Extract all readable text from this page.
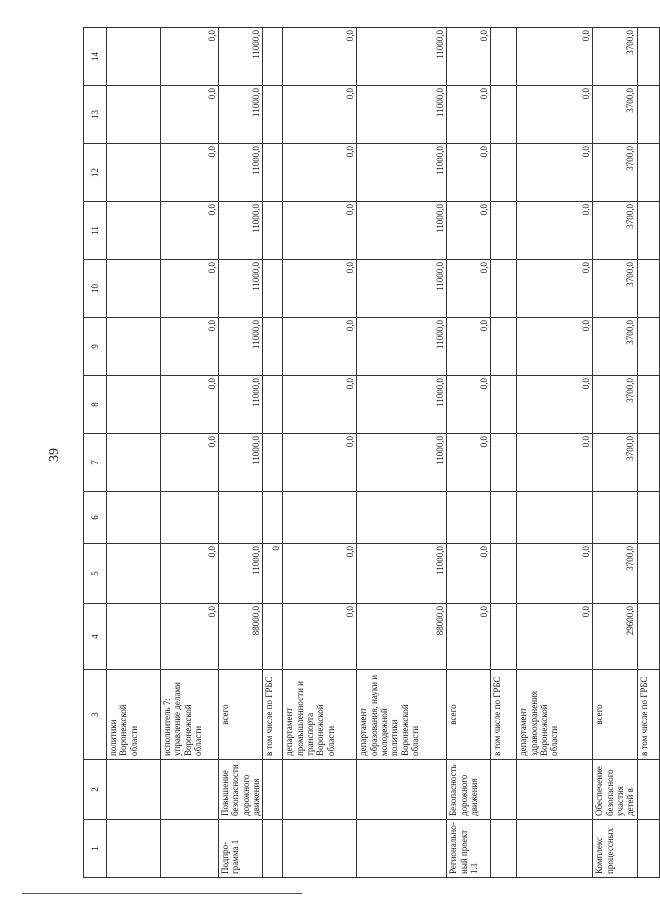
39
1	2	3	4	5	6	7	8	9	10	11	12	13	14
		политики Воронежской области											
		исполнитель 7: управление делами Воронежской области	0,0	0,0		0,0	0,0	0,0	0,0	0,0	0,0	0,0	0,0
Подпро-грамма 1	Повышение безопасности дорожного движения	всего	88000,0	11000,0		11000,0	11000,0	11000,0	11000,0	11000,0	11000,0	11000,0	11000,0
		в том числе по ГРБС		0									
		департамент промышленности и транспорта Воронежской области	0,0	0,0		0,0	0,0	0,0	0,0	0,0	0,0	0,0	0,0
		департамент образования, науки и молодежной политики Воронежской области	88000,0	11000,0		11000,0	11000,0	11000,0	11000,0	11000,0	11000,0	11000,0	11000,0
Регионально-ный проект 1.1	Безопасность дорожного движения	всего	0,0	0,0		0,0	0,0	0,0	0,0	0,0	0,0	0,0	0,0
		в том числе по ГРБС											
		департамент здравоохранения Воронежской области	0,0	0,0		0,0	0,0	0,0	0,0	0,0	0,0	0,0	0,0
Комплекс процессных	Обеспечение безопасного участия детей в	всего	29600,0	3700,0		3700,0	3700,0	3700,0	3700,0	3700,0	3700,0	3700,0	3700,0
		в том числе по ГРБС											
